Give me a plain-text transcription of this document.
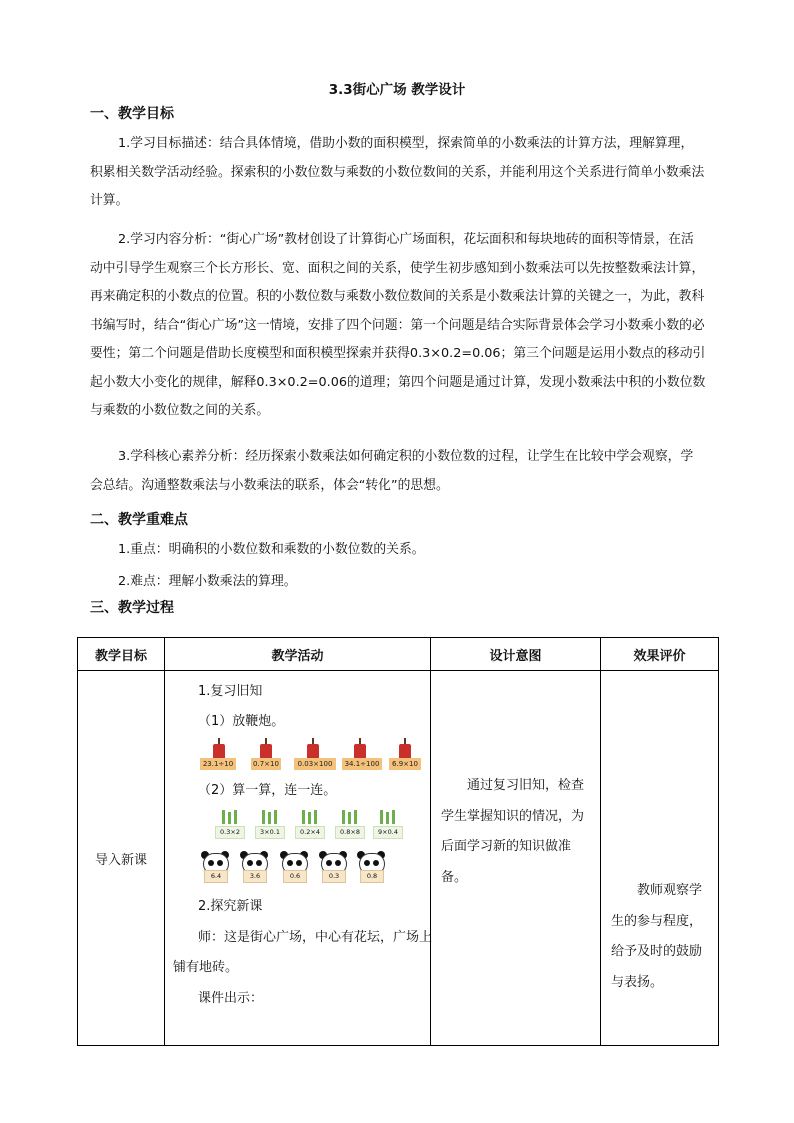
3.3街心广场 教学设计
一、教学目标

1.学习目标描述：结合具体情境，借助小数的面积模型，探索简单的小数乘法的计算方法，理解算理，积累相关数学活动经验。探索积的小数位数与乘数的小数位数间的关系，并能利用这个关系进行简单小数乘法计算。

2.学习内容分析：“街心广场”教材创设了计算街心广场面积，花坛面积和每块地砖的面积等情景，在活动中引导学生观察三个长方形长、宽、面积之间的关系，使学生初步感知到小数乘法可以先按整数乘法计算，再来确定积的小数点的位置。积的小数位数与乘数小数位数间的关系是小数乘法计算的关键之一，为此，教科书编写时，结合“街心广场”这一情境，安排了四个问题：第一个问题是结合实际背景体会学习小数乘小数的必要性；第二个问题是借助长度模型和面积模型探索并获得0.3×0.2=0.06；第三个问题是运用小数点的移动引起小数大小变化的规律，解释0.3×0.2=0.06的道理；第四个问题是通过计算，发现小数乘法中积的小数位数与乘数的小数位数之间的关系。

3.学科核心素养分析：经历探索小数乘法如何确定积的小数位数的过程，让学生在比较中学会观察，学会总结。沟通整数乘法与小数乘法的联系，体会“转化”的思想。

二、教学重难点

1.重点：明确积的小数位数和乘数的小数位数的关系。

2.难点：理解小数乘法的算理。

三、教学过程
教学目标	教学活动	设计意图	效果评价
导入新课		通过复习旧知，检查学生掌握知识的情况，为后面学习新的知识做准备。	教师观察学生的参与程度，给予及时的鼓励与表扬。
1.复习旧知
（1）放鞭炮。
23.1÷10	0.7×10	0.03×100	34.1÷100	6.9×10
（2）算一算，连一连。
0.3×2	3×0.1	0.2×4	0.8×8	9×0.4
6.4	3.6	0.6	0.3	0.8
2.探究新课
师：这是街心广场，中心有花坛，广场上
铺有地砖。
课件出示：
